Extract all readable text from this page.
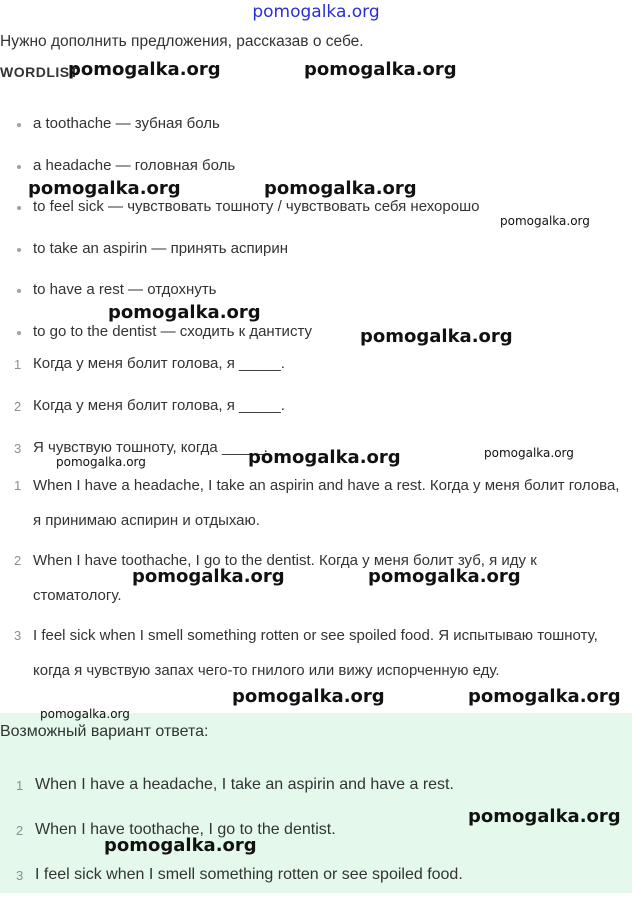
pomogalka.org
Нужно дополнить предложения, рассказав о себе.
WORDLIST
a toothache — зубная боль
a headache — головная боль
to feel sick — чувствовать тошноту / чувствовать себя нехорошо
to take an aspirin — принять аспирин
to have a rest — отдохнуть
to go to the dentist — сходить к дантисту
1 Когда у меня болит голова, я _____.
2 Когда у меня болит голова, я _____.
3 Я чувствую тошноту, когда _____.
1 When I have a headache, I take an aspirin and have a rest. Когда у меня болит голова, я принимаю аспирин и отдыхаю.
2 When I have toothache, I go to the dentist. Когда у меня болит зуб, я иду к стоматологу.
3 I feel sick when I smell something rotten or see spoiled food. Я испытываю тошноту, когда я чувствую запах чего-то гнилого или вижу испорченную еду.
Возможный вариант ответа:
1 When I have a headache, I take an aspirin and have a rest.
2 When I have toothache, I go to the dentist.
3 I feel sick when I smell something rotten or see spoiled food.
pomogalka.org	pomogalka.org
pomogalka.org	pomogalka.org
pomogalka.org
pomogalka.org
pomogalka.org
pomogalka.org
pomogalka.org
pomogalka.org
pomogalka.org	pomogalka.org
pomogalka.org	pomogalka.org
pomogalka.org
pomogalka.org
pomogalka.org
